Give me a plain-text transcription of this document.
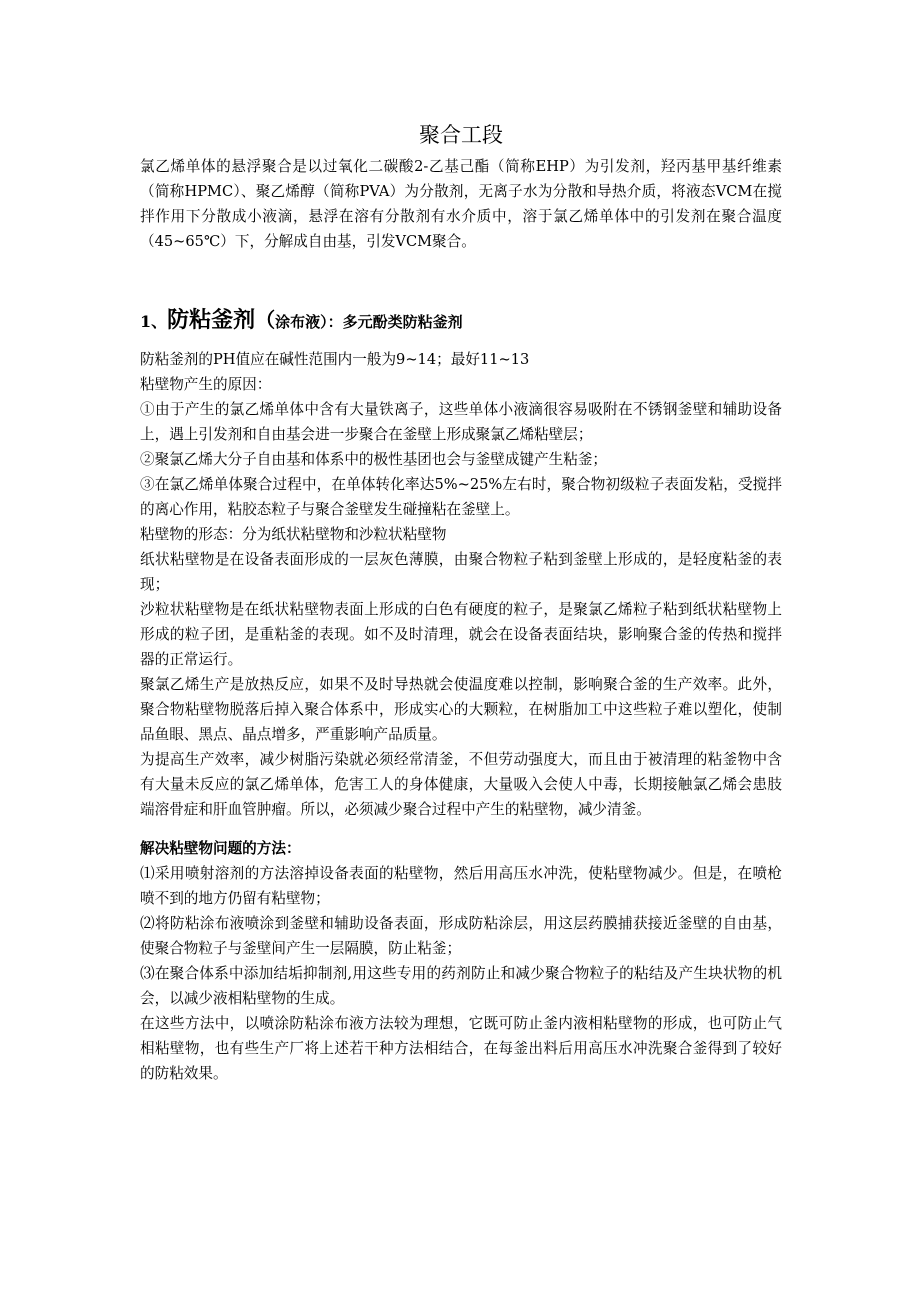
聚合工段

氯乙烯单体的悬浮聚合是以过氧化二碳酸2-乙基己酯（简称EHP）为引发剂，羟丙基甲基纤维素（简称HPMC）、聚乙烯醇（简称PVA）为分散剂，无离子水为分散和导热介质，将液态VCM在搅拌作用下分散成小液滴，悬浮在溶有分散剂有水介质中，溶于氯乙烯单体中的引发剂在聚合温度（45~65℃）下，分解成自由基，引发VCM聚合。

1、防粘釜剂（涂布液）：多元酚类防粘釜剂

防粘釜剂的PH值应在碱性范围内一般为9~14；最好11~13

粘壁物产生的原因：

①由于产生的氯乙烯单体中含有大量铁离子，这些单体小液滴很容易吸附在不锈钢釜壁和辅助设备上，遇上引发剂和自由基会进一步聚合在釜壁上形成聚氯乙烯粘壁层；

②聚氯乙烯大分子自由基和体系中的极性基团也会与釜壁成键产生粘釜；

③在氯乙烯单体聚合过程中，在单体转化率达5%~25%左右时，聚合物初级粒子表面发粘，受搅拌的离心作用，粘胶态粒子与聚合釜壁发生碰撞粘在釜壁上。

粘壁物的形态：分为纸状粘壁物和沙粒状粘壁物

纸状粘壁物是在设备表面形成的一层灰色薄膜，由聚合物粒子粘到釜壁上形成的，是轻度粘釜的表现；

沙粒状粘壁物是在纸状粘壁物表面上形成的白色有硬度的粒子，是聚氯乙烯粒子粘到纸状粘壁物上形成的粒子团，是重粘釜的表现。如不及时清理，就会在设备表面结块，影响聚合釜的传热和搅拌器的正常运行。

聚氯乙烯生产是放热反应，如果不及时导热就会使温度难以控制，影响聚合釜的生产效率。此外，聚合物粘壁物脱落后掉入聚合体系中，形成实心的大颗粒，在树脂加工中这些粒子难以塑化，使制品鱼眼、黑点、晶点增多，严重影响产品质量。

为提高生产效率，减少树脂污染就必须经常清釜，不但劳动强度大，而且由于被清理的粘釜物中含有大量未反应的氯乙烯单体，危害工人的身体健康，大量吸入会使人中毒，长期接触氯乙烯会患肢端溶骨症和肝血管肿瘤。所以，必须减少聚合过程中产生的粘壁物，减少清釜。

解决粘壁物问题的方法：

⑴采用喷射溶剂的方法溶掉设备表面的粘壁物，然后用高压水冲洗，使粘壁物减少。但是，在喷枪喷不到的地方仍留有粘壁物；

⑵将防粘涂布液喷涂到釜壁和辅助设备表面，形成防粘涂层，用这层药膜捕获接近釜壁的自由基，使聚合物粒子与釜壁间产生一层隔膜，防止粘釜；

⑶在聚合体系中添加结垢抑制剂,用这些专用的药剂防止和减少聚合物粒子的粘结及产生块状物的机会，以减少液相粘壁物的生成。

在这些方法中，以喷涂防粘涂布液方法较为理想，它既可防止釜内液相粘壁物的形成，也可防止气相粘壁物，也有些生产厂将上述若干种方法相结合，在每釜出料后用高压水冲洗聚合釜得到了较好的防粘效果。
